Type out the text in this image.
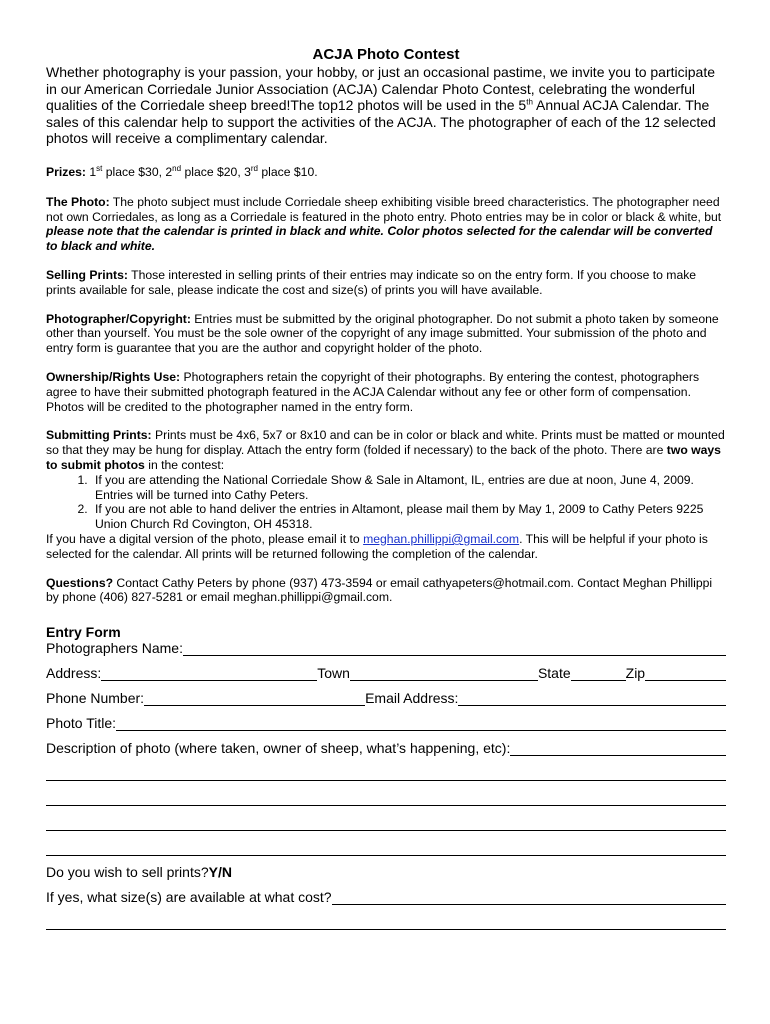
ACJA Photo Contest

Whether photography is your passion, your hobby, or just an occasional pastime, we invite you to participate in our American Corriedale Junior Association (ACJA) Calendar Photo Contest, celebrating the wonderful qualities of the Corriedale sheep breed!The top12 photos will be used in the 5th Annual ACJA Calendar. The sales of this calendar help to support the activities of the ACJA. The photographer of each of the 12 selected photos will receive a complimentary calendar.

Prizes: 1st place $30, 2nd place $20, 3rd place $10.

The Photo: The photo subject must include Corriedale sheep exhibiting visible breed characteristics. The photographer need not own Corriedales, as long as a Corriedale is featured in the photo entry. Photo entries may be in color or black & white, but please note that the calendar is printed in black and white. Color photos selected for the calendar will be converted to black and white.

Selling Prints: Those interested in selling prints of their entries may indicate so on the entry form. If you choose to make prints available for sale, please indicate the cost and size(s) of prints you will have available.

Photographer/Copyright: Entries must be submitted by the original photographer. Do not submit a photo taken by someone other than yourself. You must be the sole owner of the copyright of any image submitted. Your submission of the photo and entry form is guarantee that you are the author and copyright holder of the photo.

Ownership/Rights Use: Photographers retain the copyright of their photographs. By entering the contest, photographers agree to have their submitted photograph featured in the ACJA Calendar without any fee or other form of compensation. Photos will be credited to the photographer named in the entry form.

Submitting Prints: Prints must be 4x6, 5x7 or 8x10 and can be in color or black and white. Prints must be matted or mounted so that they may be hung for display. Attach the entry form (folded if necessary) to the back of the photo. There are two ways to submit photos in the contest:

1. If you are attending the National Corriedale Show & Sale in Altamont, IL, entries are due at noon, June 4, 2009. Entries will be turned into Cathy Peters.
2. If you are not able to hand deliver the entries in Altamont, please mail them by May 1, 2009 to Cathy Peters 9225 Union Church Rd Covington, OH 45318.

If you have a digital version of the photo, please email it to meghan.phillippi@gmail.com. This will be helpful if your photo is selected for the calendar. All prints will be returned following the completion of the calendar.

Questions? Contact Cathy Peters by phone (937) 473-3594 or email cathyapeters@hotmail.com. Contact Meghan Phillippi by phone (406) 827-5281 or email meghan.phillippi@gmail.com.

Entry Form

Photographers Name:
Address:	Town	State	Zip
Phone Number:	Email Address:
Photo Title:
Description of photo (where taken, owner of sheep, what’s happening, etc):
Do you wish to sell prints? Y/N
If yes, what size(s) are available at what cost?
